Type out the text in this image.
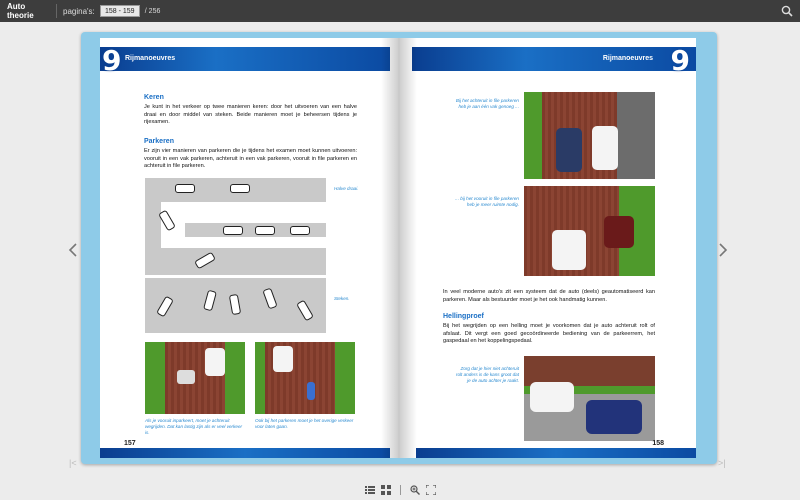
Auto theorie	pagina's:	158 - 159	/ 256
|<	>|
Rijmanoeuvres
9
Keren
Je kunt in het verkeer op twee manieren keren: door het uitvoeren van een halve draai en door middel van steken. Beide manieren moet je beheersen tijdens je rijexamen.
Parkeren
Er zijn vier manieren van parkeren die je tijdens het examen moet kunnen uitvoeren: vooruit in een vak parkeren, achteruit in een vak parkeren, vooruit in file parkeren en achteruit in file parkeren.
Halve draai.
Steken.
Als je vooruit inparkeert, moet je achteruit wegrijden. Dat kan lastig zijn als er veel verkeer is.
Ook bij het parkeren moet je het overige verkeer voor laten gaan.
157
Rijmanoeuvres 9
Bij het achteruit in file parkeren heb je aan één vak genoeg ...
... bij het vooruit in file parkeren heb je meer ruimte nodig.
In veel moderne auto's zit een systeem dat de auto (deels) geautomatiseerd kan parkeren. Maar als bestuurder moet je het ook handmatig kunnen.
Hellingproef
Bij het wegrijden op een helling moet je voorkomen dat je auto achteruit rolt of afslaat. Dit vergt een goed gecoördineerde bediening van de parkeerrem, het gaspedaal en het koppelingspedaal.
Zorg dat je hier niet achteruit rolt anders is de kans groot dat je de auto achter je raakt.
158
